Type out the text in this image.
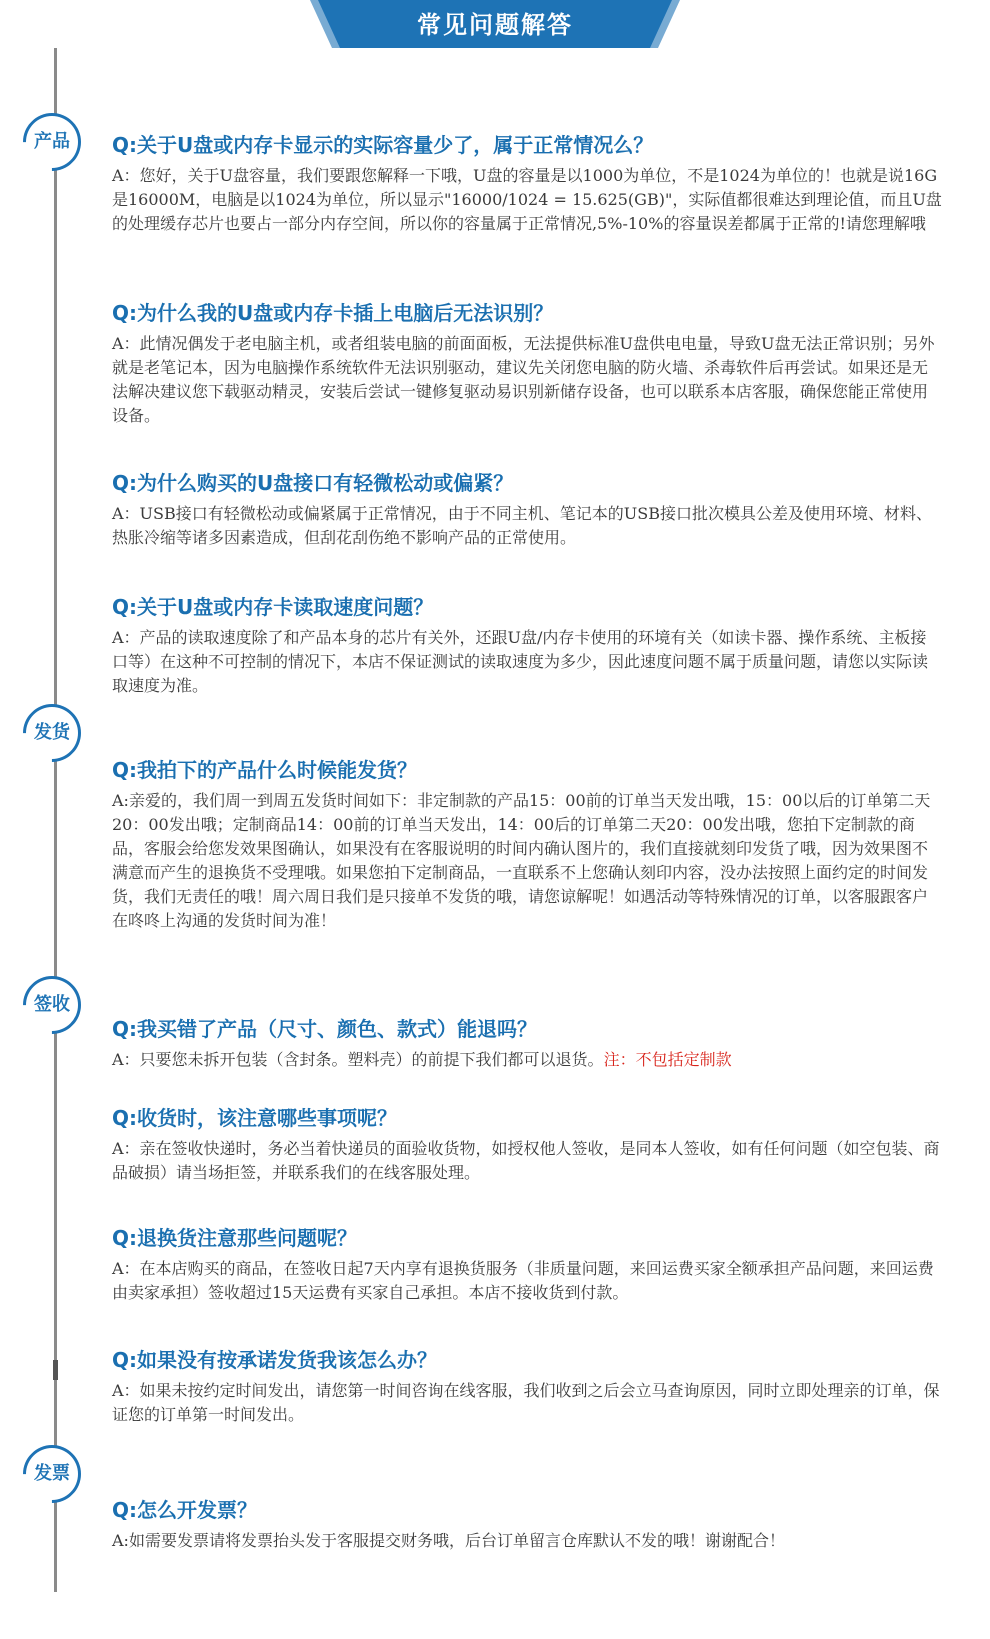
常见问题解答
产品
发货
签收
发票

Q:关于U盘或内存卡显示的实际容量少了，属于正常情况么？

A：您好，关于U盘容量，我们要跟您解释一下哦，U盘的容量是以1000为单位，不是1024为单位的！也就是说16G 是16000M，电脑是以1024为单位，所以显示"16000/1024 = 15.625(GB)"，实际值都很难达到理论值，而且U盘的处理缓存芯片也要占一部分内存空间，所以你的容量属于正常情况,5%-10%的容量误差都属于正常的!请您理解哦

Q:为什么我的U盘或内存卡插上电脑后无法识别？

A：此情况偶发于老电脑主机，或者组装电脑的前面面板，无法提供标准U盘供电电量，导致U盘无法正常识别；另外就是老笔记本，因为电脑操作系统软件无法识别驱动，建议先关闭您电脑的防火墙、杀毒软件后再尝试。如果还是无法解决建议您下载驱动精灵，安装后尝试一键修复驱动易识别新储存设备，也可以联系本店客服，确保您能正常使用设备。

Q:为什么购买的U盘接口有轻微松动或偏紧？

A：USB接口有轻微松动或偏紧属于正常情况，由于不同主机、笔记本的USB接口批次模具公差及使用环境、材料、热胀冷缩等诸多因素造成，但刮花刮伤绝不影响产品的正常使用。

Q:关于U盘或内存卡读取速度问题？

A：产品的读取速度除了和产品本身的芯片有关外，还跟U盘/内存卡使用的环境有关（如读卡器、操作系统、主板接口等）在这种不可控制的情况下，本店不保证测试的读取速度为多少，因此速度问题不属于质量问题，请您以实际读取速度为准。

Q:我拍下的产品什么时候能发货？

A:亲爱的，我们周一到周五发货时间如下：非定制款的产品15：00前的订单当天发出哦，15：00以后的订单第二天20：00发出哦；定制商品14：00前的订单当天发出，14：00后的订单第二天20：00发出哦，您拍下定制款的商品，客服会给您发效果图确认，如果没有在客服说明的时间内确认图片的，我们直接就刻印发货了哦，因为效果图不满意而产生的退换货不受理哦。如果您拍下定制商品，一直联系不上您确认刻印内容，没办法按照上面约定的时间发货，我们无责任的哦！周六周日我们是只接单不发货的哦，请您谅解呢！如遇活动等特殊情况的订单，以客服跟客户在咚咚上沟通的发货时间为准！

Q:我买错了产品（尺寸、颜色、款式）能退吗？

A：只要您未拆开包装（含封条。塑料壳）的前提下我们都可以退货。注：不包括定制款

Q:收货时，该注意哪些事项呢？

A：亲在签收快递时，务必当着快递员的面验收货物，如授权他人签收，是同本人签收，如有任何问题（如空包装、商品破损）请当场拒签，并联系我们的在线客服处理。

Q:退换货注意那些问题呢？

A：在本店购买的商品，在签收日起7天内享有退换货服务（非质量问题，来回运费买家全额承担产品问题，来回运费由卖家承担）签收超过15天运费有买家自己承担。本店不接收货到付款。

Q:如果没有按承诺发货我该怎么办？

A：如果未按约定时间发出，请您第一时间咨询在线客服，我们收到之后会立马查询原因，同时立即处理亲的订单，保证您的订单第一时间发出。

Q:怎么开发票？

A:如需要发票请将发票抬头发于客服提交财务哦，后台订单留言仓库默认不发的哦！谢谢配合！
